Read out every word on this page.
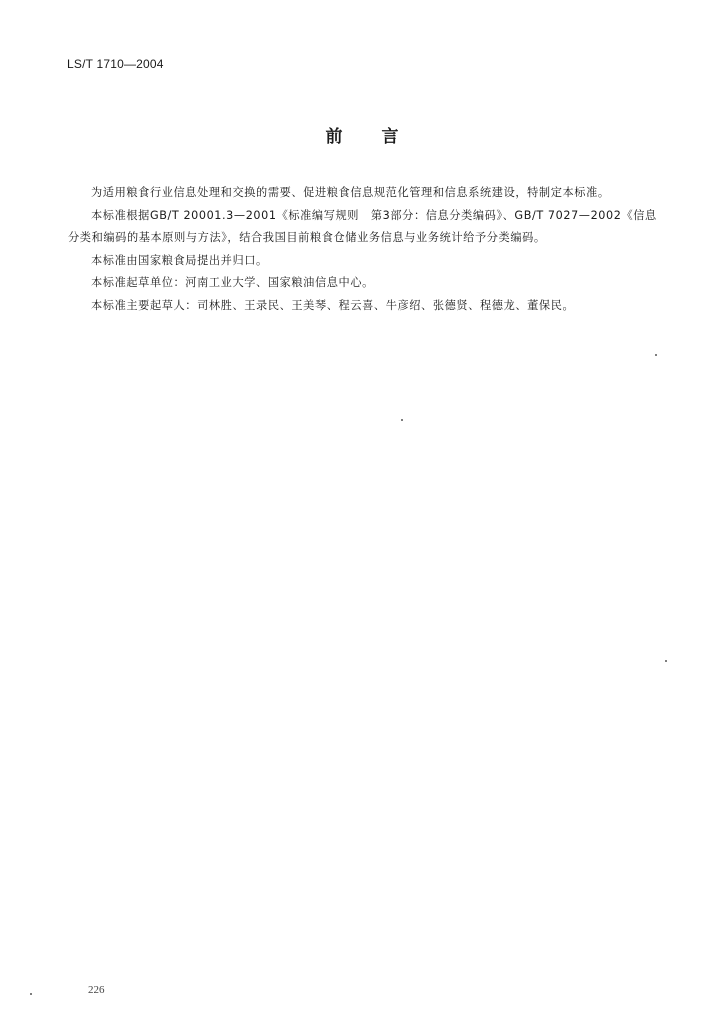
LS/T 1710—2004
前 言

为适用粮食行业信息处理和交换的需要、促进粮食信息规范化管理和信息系统建设，特制定本标准。

本标准根据GB/T 20001.3—2001《标准编写规则　第3部分：信息分类编码》、GB/T 7027—2002《信息分类和编码的基本原则与方法》，结合我国目前粮食仓储业务信息与业务统计给予分类编码。

本标准由国家粮食局提出并归口。

本标准起草单位：河南工业大学、国家粮油信息中心。

本标准主要起草人：司林胜、王录民、王美琴、程云喜、牛彦绍、张德贤、程德龙、董保民。

226
